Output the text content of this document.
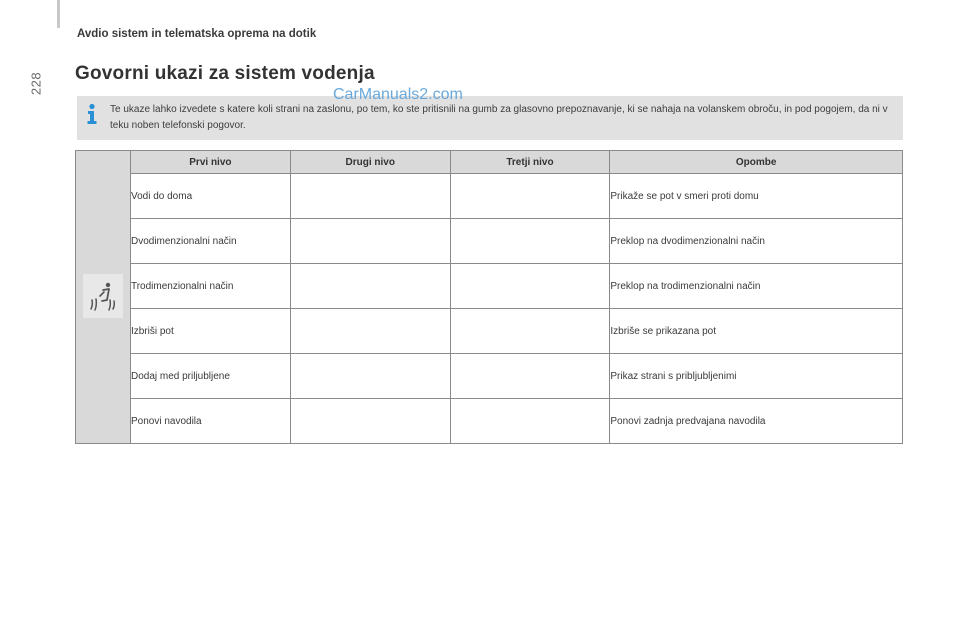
228
Avdio sistem in telematska oprema na dotik
Govorni ukazi za sistem vodenja
Te ukaze lahko izvedete s katere koli strani na zaslonu, po tem, ko ste pritisnili na gumb za glasovno prepoznavanje, ki se nahaja na volanskem obroču, in pod pogojem, da ni v teku noben telefonski pogovor.
CarManuals2.com
	Prvi nivo	Drugi nivo	Tretji nivo	Opombe
	Vodi do doma			Prikaže se pot v smeri proti domu
	Dvodimenzionalni način			Preklop na dvodimenzionalni način
	Trodimenzionalni način			Preklop na trodimenzionalni način
	Izbriši pot			Izbriše se prikazana pot
	Dodaj med priljubljene			Prikaz strani s pribljubljenimi
	Ponovi navodila			Ponovi zadnja predvajana navodila
